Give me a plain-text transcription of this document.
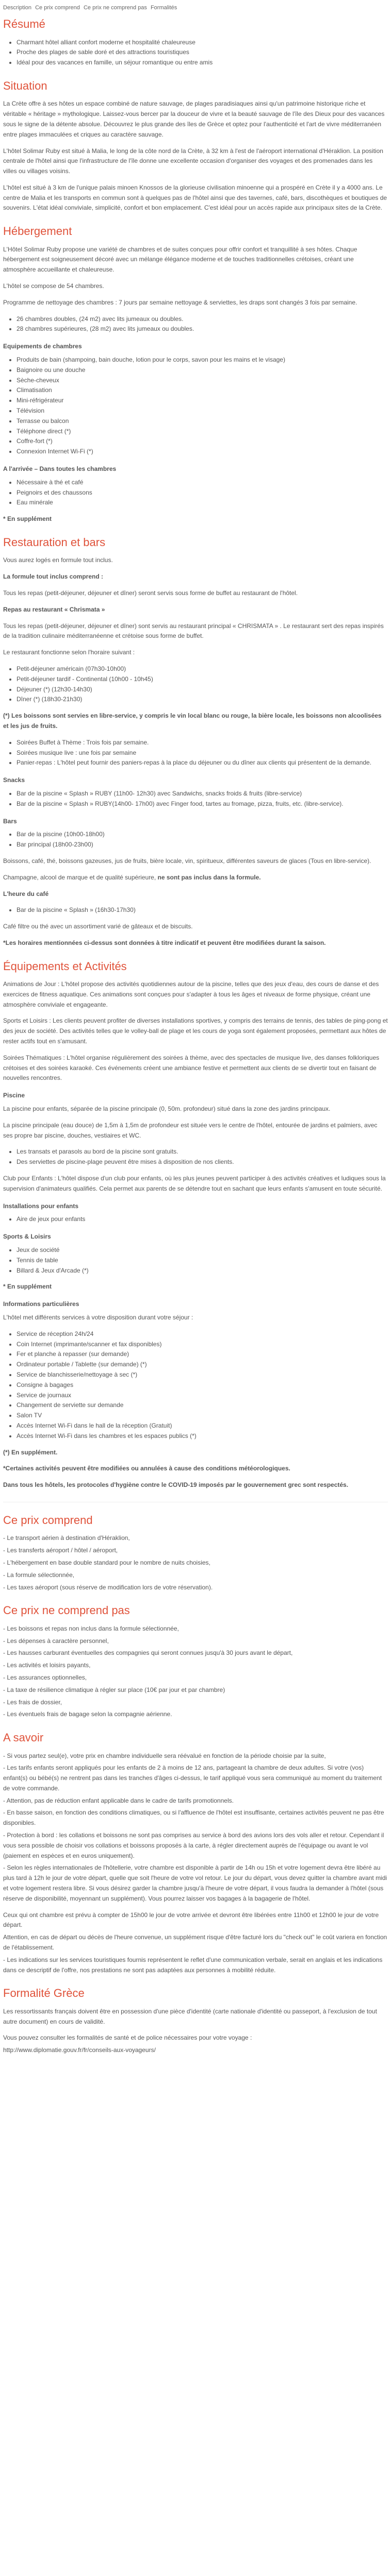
Description Ce prix comprend Ce prix ne comprend pas Formalités
Résumé
• Charmant hôtel alliant confort moderne et hospitalité chaleureuse
• Proche des plages de sable doré et des attractions touristiques
• Idéal pour des vacances en famille, un séjour romantique ou entre amis
Situation

La Crète offre à ses hôtes un espace combiné de nature sauvage, de plages paradisiaques ainsi qu'un patrimoine historique riche et véritable « héritage » mythologique. Laissez-vous bercer par la douceur de vivre et la beauté sauvage de l'île des Dieux pour des vacances sous le signe de la détente absolue. Découvrez le plus grande des îles de Grèce et optez pour l'authenticité et l'art de vivre méditerranéen entre plages immaculées et criques au caractère sauvage.

L'hôtel Solimar Ruby est situé à Malia, le long de la côte nord de la Crète, à 32 km à l'est de l'aéroport international d'Héraklion. La position centrale de l'hôtel ainsi que l'infrastructure de l'île donne une excellente occasion d'organiser des voyages et des promenades dans les villes ou villages voisins.

L'hôtel est situé à 3 km de l'unique palais minoen Knossos de la glorieuse civilisation minoenne qui a prospéré en Crète il y a 4000 ans. Le centre de Malia et les transports en commun sont à quelques pas de l'hôtel ainsi que des tavernes, café, bars, discothèques et boutiques de souvenirs. L'état idéal conviviale, simplicité, confort et bon emplacement. C'est idéal pour un accès rapide aux principaux sites de la Crète.

Hébergement

L'Hôtel Solimar Ruby propose une variété de chambres et de suites conçues pour offrir confort et tranquillité à ses hôtes. Chaque hébergement est soigneusement décoré avec un mélange élégance moderne et de touches traditionnelles crétoises, créant une atmosphère accueillante et chaleureuse.

L'hôtel se compose de 54 chambres.

Programme de nettoyage des chambres : 7 jours par semaine nettoyage & serviettes, les draps sont changés 3 fois par semaine.

• 26 chambres doubles, (24 m2) avec lits jumeaux ou doubles.
• 28 chambres supérieures, (28 m2) avec lits jumeaux ou doubles.
Equipements de chambres
• Produits de bain (shampoing, bain douche, lotion pour le corps, savon pour les mains et le visage)
• Baignoire ou une douche
• Sèche-cheveux
• Climatisation
• Mini-réfrigérateur
• Télévision
• Terrasse ou balcon
• Téléphone direct (*)
• Coffre-fort (*)
• Connexion Internet Wi-Fi (*)
A l'arrivée – Dans toutes les chambres
• Nécessaire à thé et café
• Peignoirs et des chaussons
• Eau minérale

* En supplément

Restauration et bars

Vous aurez logés en formule tout inclus.

La formule tout inclus comprend :

Tous les repas (petit-déjeuner, déjeuner et dîner) seront servis sous forme de buffet au restaurant de l'hôtel.

Repas au restaurant « Chrismata »

Tous les repas (petit-déjeuner, déjeuner et dîner) sont servis au restaurant principal « CHRISMATA » . Le restaurant sert des repas inspirés de la tradition culinaire méditerranéenne et crétoise sous forme de buffet.

Le restaurant fonctionne selon l'horaire suivant :

• Petit-déjeuner américain (07h30-10h00)
• Petit-déjeuner tardif - Continental (10h00 - 10h45)
• Déjeuner (*) (12h30-14h30)
• Dîner (*) (18h30-21h30)

(*) Les boissons sont servies en libre-service, y compris le vin local blanc ou rouge, la bière locale, les boissons non alcoolisées et les jus de fruits.

• Soirées Buffet à Thème : Trois fois par semaine.
• Soirées musique live : une fois par semaine
• Panier-repas : L'hôtel peut fournir des paniers-repas à la place du déjeuner ou du dîner aux clients qui présentent de la demande.
Snacks
• Bar de la piscine « Splash » RUBY (11h00- 12h30) avec Sandwichs, snacks froids & fruits (libre-service)
• Bar de la piscine « Splash » RUBY(14h00- 17h00) avec Finger food, tartes au fromage, pizza, fruits, etc. (libre-service).
Bars
• Bar de la piscine (10h00-18h00)
• Bar principal (18h00-23h00)

Boissons, café, thé, boissons gazeuses, jus de fruits, bière locale, vin, spiritueux, différentes saveurs de glaces (Tous en libre-service).

Champagne, alcool de marque et de qualité supérieure, ne sont pas inclus dans la formule.

L'heure du café

• Bar de la piscine « Splash » (16h30-17h30)

Café filtre ou thé avec un assortiment varié de gâteaux et de biscuits.

*Les horaires mentionnées ci-dessus sont données à titre indicatif et peuvent être modifiées durant la saison.

Équipements et Activités

Animations de Jour : L'hôtel propose des activités quotidiennes autour de la piscine, telles que des jeux d'eau, des cours de danse et des exercices de fitness aquatique. Ces animations sont conçues pour s'adapter à tous les âges et niveaux de forme physique, créant une atmosphère conviviale et engageante.

Sports et Loisirs : Les clients peuvent profiter de diverses installations sportives, y compris des terrains de tennis, des tables de ping-pong et des jeux de société. Des activités telles que le volley-ball de plage et les cours de yoga sont également proposées, permettant aux hôtes de rester actifs tout en s'amusant.

Soirées Thématiques : L'hôtel organise régulièrement des soirées à thème, avec des spectacles de musique live, des danses folkloriques crétoises et des soirées karaoké. Ces événements créent une ambiance festive et permettent aux clients de se divertir tout en faisant de nouvelles rencontres.

Piscine

La piscine pour enfants, séparée de la piscine principale (0, 50m. profondeur) situé dans la zone des jardins principaux.

La piscine principale (eau douce) de 1,5m à 1,5m de profondeur est située vers le centre de l'hôtel, entourée de jardins et palmiers, avec ses propre bar piscine, douches, vestiaires et WC.

• Les transats et parasols au bord de la piscine sont gratuits.
• Des serviettes de piscine-plage peuvent être mises à disposition de nos clients.

Club pour Enfants : L'hôtel dispose d'un club pour enfants, où les plus jeunes peuvent participer à des activités créatives et ludiques sous la supervision d'animateurs qualifiés. Cela permet aux parents de se détendre tout en sachant que leurs enfants s'amusent en toute sécurité.

Installations pour enfants
• Aire de jeux pour enfants
Sports & Loisirs
• Jeux de société
• Tennis de table
• Billard & Jeux d'Arcade (*)

* En supplément

Informations particulières

L'hôtel met différents services à votre disposition durant votre séjour :

• Service de réception 24h/24
• Coin Internet (imprimante/scanner et fax disponibles)
• Fer et planche à repasser (sur demande)
• Ordinateur portable / Tablette (sur demande) (*)
• Service de blanchisserie/nettoyage à sec (*)
• Consigne à bagages
• Service de journaux
• Changement de serviette sur demande
• Salon TV
• Accès Internet Wi-Fi dans le hall de la réception (Gratuit)
• Accès Internet Wi-Fi dans les chambres et les espaces publics (*)

(*) En supplément.

*Certaines activités peuvent être modifiées ou annulées à cause des conditions météorologiques.

Dans tous les hôtels, les protocoles d'hygiène contre le COVID-19 imposés par le gouvernement grec sont respectés.

Ce prix comprend

- Le transport aérien à destination d'Héraklion,

- Les transferts aéroport / hôtel / aéroport,

- L'hébergement en base double standard pour le nombre de nuits choisies,

- La formule sélectionnée,

- Les taxes aéroport (sous réserve de modification lors de votre réservation).

Ce prix ne comprend pas

- Les boissons et repas non inclus dans la formule sélectionnée,

- Les dépenses à caractère personnel,

- Les hausses carburant éventuelles des compagnies qui seront connues jusqu'à 30 jours avant le départ,

- Les activités et loisirs payants,

- Les assurances optionnelles,

- La taxe de résilience climatique à régler sur place (10€ par jour et par chambre)

- Les frais de dossier,

- Les éventuels frais de bagage selon la compagnie aérienne.

A savoir

- Si vous partez seul(e), votre prix en chambre individuelle sera réévalué en fonction de la période choisie par la suite,

- Les tarifs enfants seront appliqués pour les enfants de 2 à moins de 12 ans, partageant la chambre de deux adultes. Si votre (vos) enfant(s) ou bébé(s) ne rentrent pas dans les tranches d'âges ci-dessus, le tarif appliqué vous sera communiqué au moment du traitement de votre commande.

- Attention, pas de réduction enfant applicable dans le cadre de tarifs promotionnels.

- En basse saison, en fonction des conditions climatiques, ou si l'affluence de l'hôtel est insuffisante, certaines activités peuvent ne pas être disponibles.

- Protection à bord : les collations et boissons ne sont pas comprises au service à bord des avions lors des vols aller et retour. Cependant il vous sera possible de choisir vos collations et boissons proposés à la carte, à régler directement auprès de l'équipage ou avant le vol (paiement en espèces et en euros uniquement).

- Selon les règles internationales de l'hôtellerie, votre chambre est disponible à partir de 14h ou 15h et votre logement devra être libéré au plus tard à 12h le jour de votre départ, quelle que soit l'heure de votre vol retour. Le jour du départ, vous devez quitter la chambre avant midi et votre logement restera libre. Si vous désirez garder la chambre jusqu'à l'heure de votre départ, il vous faudra la demander à l'hôtel (sous réserve de disponibilité, moyennant un supplément). Vous pourrez laisser vos bagages à la bagagerie de l'hôtel.

Ceux qui ont chambre est prévu à compter de 15h00 le jour de votre arrivée et devront être libérées entre 11h00 et 12h00 le jour de votre départ.

Attention, en cas de départ ou décès de l'heure convenue, un supplément risque d'être facturé lors du "check out" le coût variera en fonction de l'établissement.

- Les indications sur les services touristiques fournis représentent le reflet d'une communication verbale, serait en anglais et les indications dans ce descriptif de l'offre, nos prestations ne sont pas adaptées aux personnes à mobilité réduite.

Formalité Grèce

Les ressortissants français doivent être en possession d'une pièce d'identité (carte nationale d'identité ou passeport, à l'exclusion de tout autre document) en cours de validité.

Vous pouvez consulter les formalités de santé et de police nécessaires pour votre voyage :

http://www.diplomatie.gouv.fr/fr/conseils-aux-voyageurs/
